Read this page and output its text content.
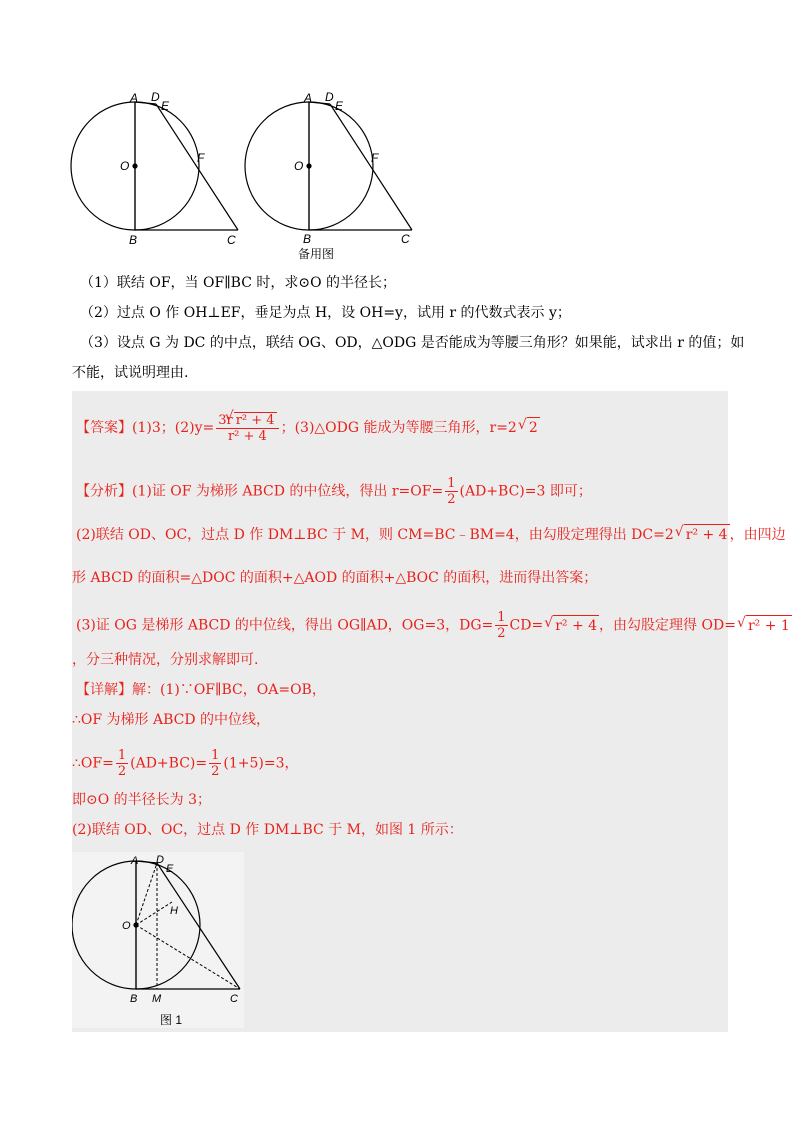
A D
E
F
O
B	C
A D
E
F
O
B	C
备用图
（1）联结 OF，当 OF∥BC 时，求⊙O 的半径长；
（2）过点 O 作 OH⊥EF，垂足为点 H，设 OH=y，试用 r 的代数式表示 y；
（3）设点 G 为 DC 的中点，联结 OG、OD，△ODG 是否能成为等腰三角形？如果能，试求出 r 的值；如
不能，试说明理由.
【答案】(1)3；$(2)y= \frac{\text{3r√ r² + 4}}{\text{r² + 4}}$ ；(3)△ODG 能成为等腰三角形，r=2√ 2
【分析】(1)证 OF 为梯形 ABCD 的中位线，得出 $r=OF= \frac{1}{2} (AD+BC)=3$ 即可；
(2)联结 OD、OC，过点 D 作 DM⊥BC 于 M，则 CM=BC﹣BM=4，由勾股定理得出 DC=2√ r² + 4 ，由四边
形 ABCD 的面积=△DOC 的面积+△AOD 的面积+△BOC 的面积，进而得出答案；
(3)证 OG 是梯形 ABCD 的中位线，得出 OG∥AD，OG=3，$DG= \frac{1}{2} CD=√$ r² + 4 ，由勾股定理得 OD=√ r² + 1
，分三种情况，分别求解即可.
【详解】解：(1)∵OF∥BC，OA=OB，
∴OF 为梯形 ABCD 的中位线，
∴OF= $\frac{1}{2} (AD+BC)= \frac{1}{2} (1+5)=3$，
即⊙O 的半径长为 3；
(2)联结 OD、OC，过点 D 作 DM⊥BC 于 M，如图 1 所示：
A D
E
H
O
B M	C
图 1
